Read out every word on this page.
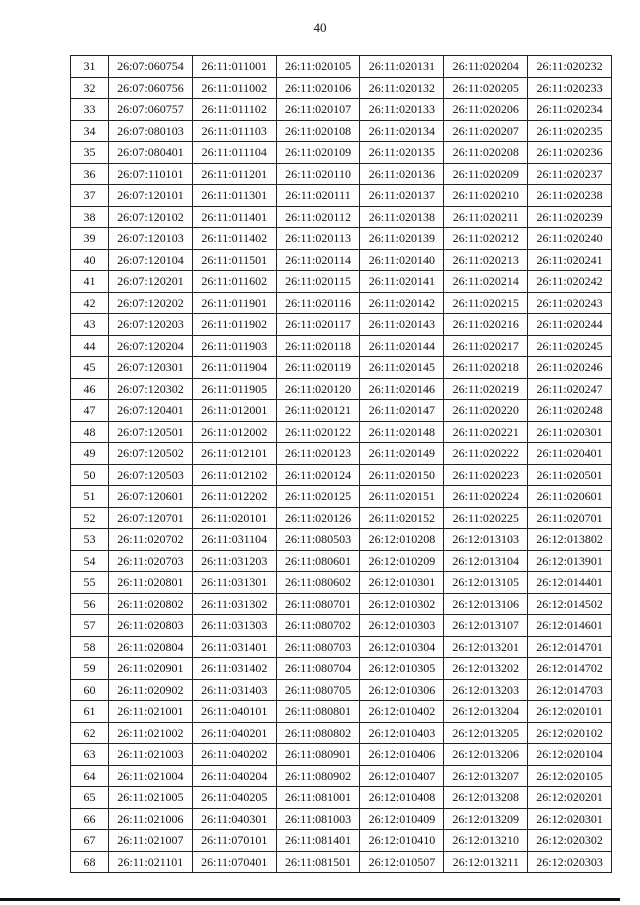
40
31	26:07:060754	26:11:011001	26:11:020105	26:11:020131	26:11:020204	26:11:020232
32	26:07:060756	26:11:011002	26:11:020106	26:11:020132	26:11:020205	26:11:020233
33	26:07:060757	26:11:011102	26:11:020107	26:11:020133	26:11:020206	26:11:020234
34	26:07:080103	26:11:011103	26:11:020108	26:11:020134	26:11:020207	26:11:020235
35	26:07:080401	26:11:011104	26:11:020109	26:11:020135	26:11:020208	26:11:020236
36	26:07:110101	26:11:011201	26:11:020110	26:11:020136	26:11:020209	26:11:020237
37	26:07:120101	26:11:011301	26:11:020111	26:11:020137	26:11:020210	26:11:020238
38	26:07:120102	26:11:011401	26:11:020112	26:11:020138	26:11:020211	26:11:020239
39	26:07:120103	26:11:011402	26:11:020113	26:11:020139	26:11:020212	26:11:020240
40	26:07:120104	26:11:011501	26:11:020114	26:11:020140	26:11:020213	26:11:020241
41	26:07:120201	26:11:011602	26:11:020115	26:11:020141	26:11:020214	26:11:020242
42	26:07:120202	26:11:011901	26:11:020116	26:11:020142	26:11:020215	26:11:020243
43	26:07:120203	26:11:011902	26:11:020117	26:11:020143	26:11:020216	26:11:020244
44	26:07:120204	26:11:011903	26:11:020118	26:11:020144	26:11:020217	26:11:020245
45	26:07:120301	26:11:011904	26:11:020119	26:11:020145	26:11:020218	26:11:020246
46	26:07:120302	26:11:011905	26:11:020120	26:11:020146	26:11:020219	26:11:020247
47	26:07:120401	26:11:012001	26:11:020121	26:11:020147	26:11:020220	26:11:020248
48	26:07:120501	26:11:012002	26:11:020122	26:11:020148	26:11:020221	26:11:020301
49	26:07:120502	26:11:012101	26:11:020123	26:11:020149	26:11:020222	26:11:020401
50	26:07:120503	26:11:012102	26:11:020124	26:11:020150	26:11:020223	26:11:020501
51	26:07:120601	26:11:012202	26:11:020125	26:11:020151	26:11:020224	26:11:020601
52	26:07:120701	26:11:020101	26:11:020126	26:11:020152	26:11:020225	26:11:020701
53	26:11:020702	26:11:031104	26:11:080503	26:12:010208	26:12:013103	26:12:013802
54	26:11:020703	26:11:031203	26:11:080601	26:12:010209	26:12:013104	26:12:013901
55	26:11:020801	26:11:031301	26:11:080602	26:12:010301	26:12:013105	26:12:014401
56	26:11:020802	26:11:031302	26:11:080701	26:12:010302	26:12:013106	26:12:014502
57	26:11:020803	26:11:031303	26:11:080702	26:12:010303	26:12:013107	26:12:014601
58	26:11:020804	26:11:031401	26:11:080703	26:12:010304	26:12:013201	26:12:014701
59	26:11:020901	26:11:031402	26:11:080704	26:12:010305	26:12:013202	26:12:014702
60	26:11:020902	26:11:031403	26:11:080705	26:12:010306	26:12:013203	26:12:014703
61	26:11:021001	26:11:040101	26:11:080801	26:12:010402	26:12:013204	26:12:020101
62	26:11:021002	26:11:040201	26:11:080802	26:12:010403	26:12:013205	26:12:020102
63	26:11:021003	26:11:040202	26:11:080901	26:12:010406	26:12:013206	26:12:020104
64	26:11:021004	26:11:040204	26:11:080902	26:12:010407	26:12:013207	26:12:020105
65	26:11:021005	26:11:040205	26:11:081001	26:12:010408	26:12:013208	26:12:020201
66	26:11:021006	26:11:040301	26:11:081003	26:12:010409	26:12:013209	26:12:020301
67	26:11:021007	26:11:070101	26:11:081401	26:12:010410	26:12:013210	26:12:020302
68	26:11:021101	26:11:070401	26:11:081501	26:12:010507	26:12:013211	26:12:020303
